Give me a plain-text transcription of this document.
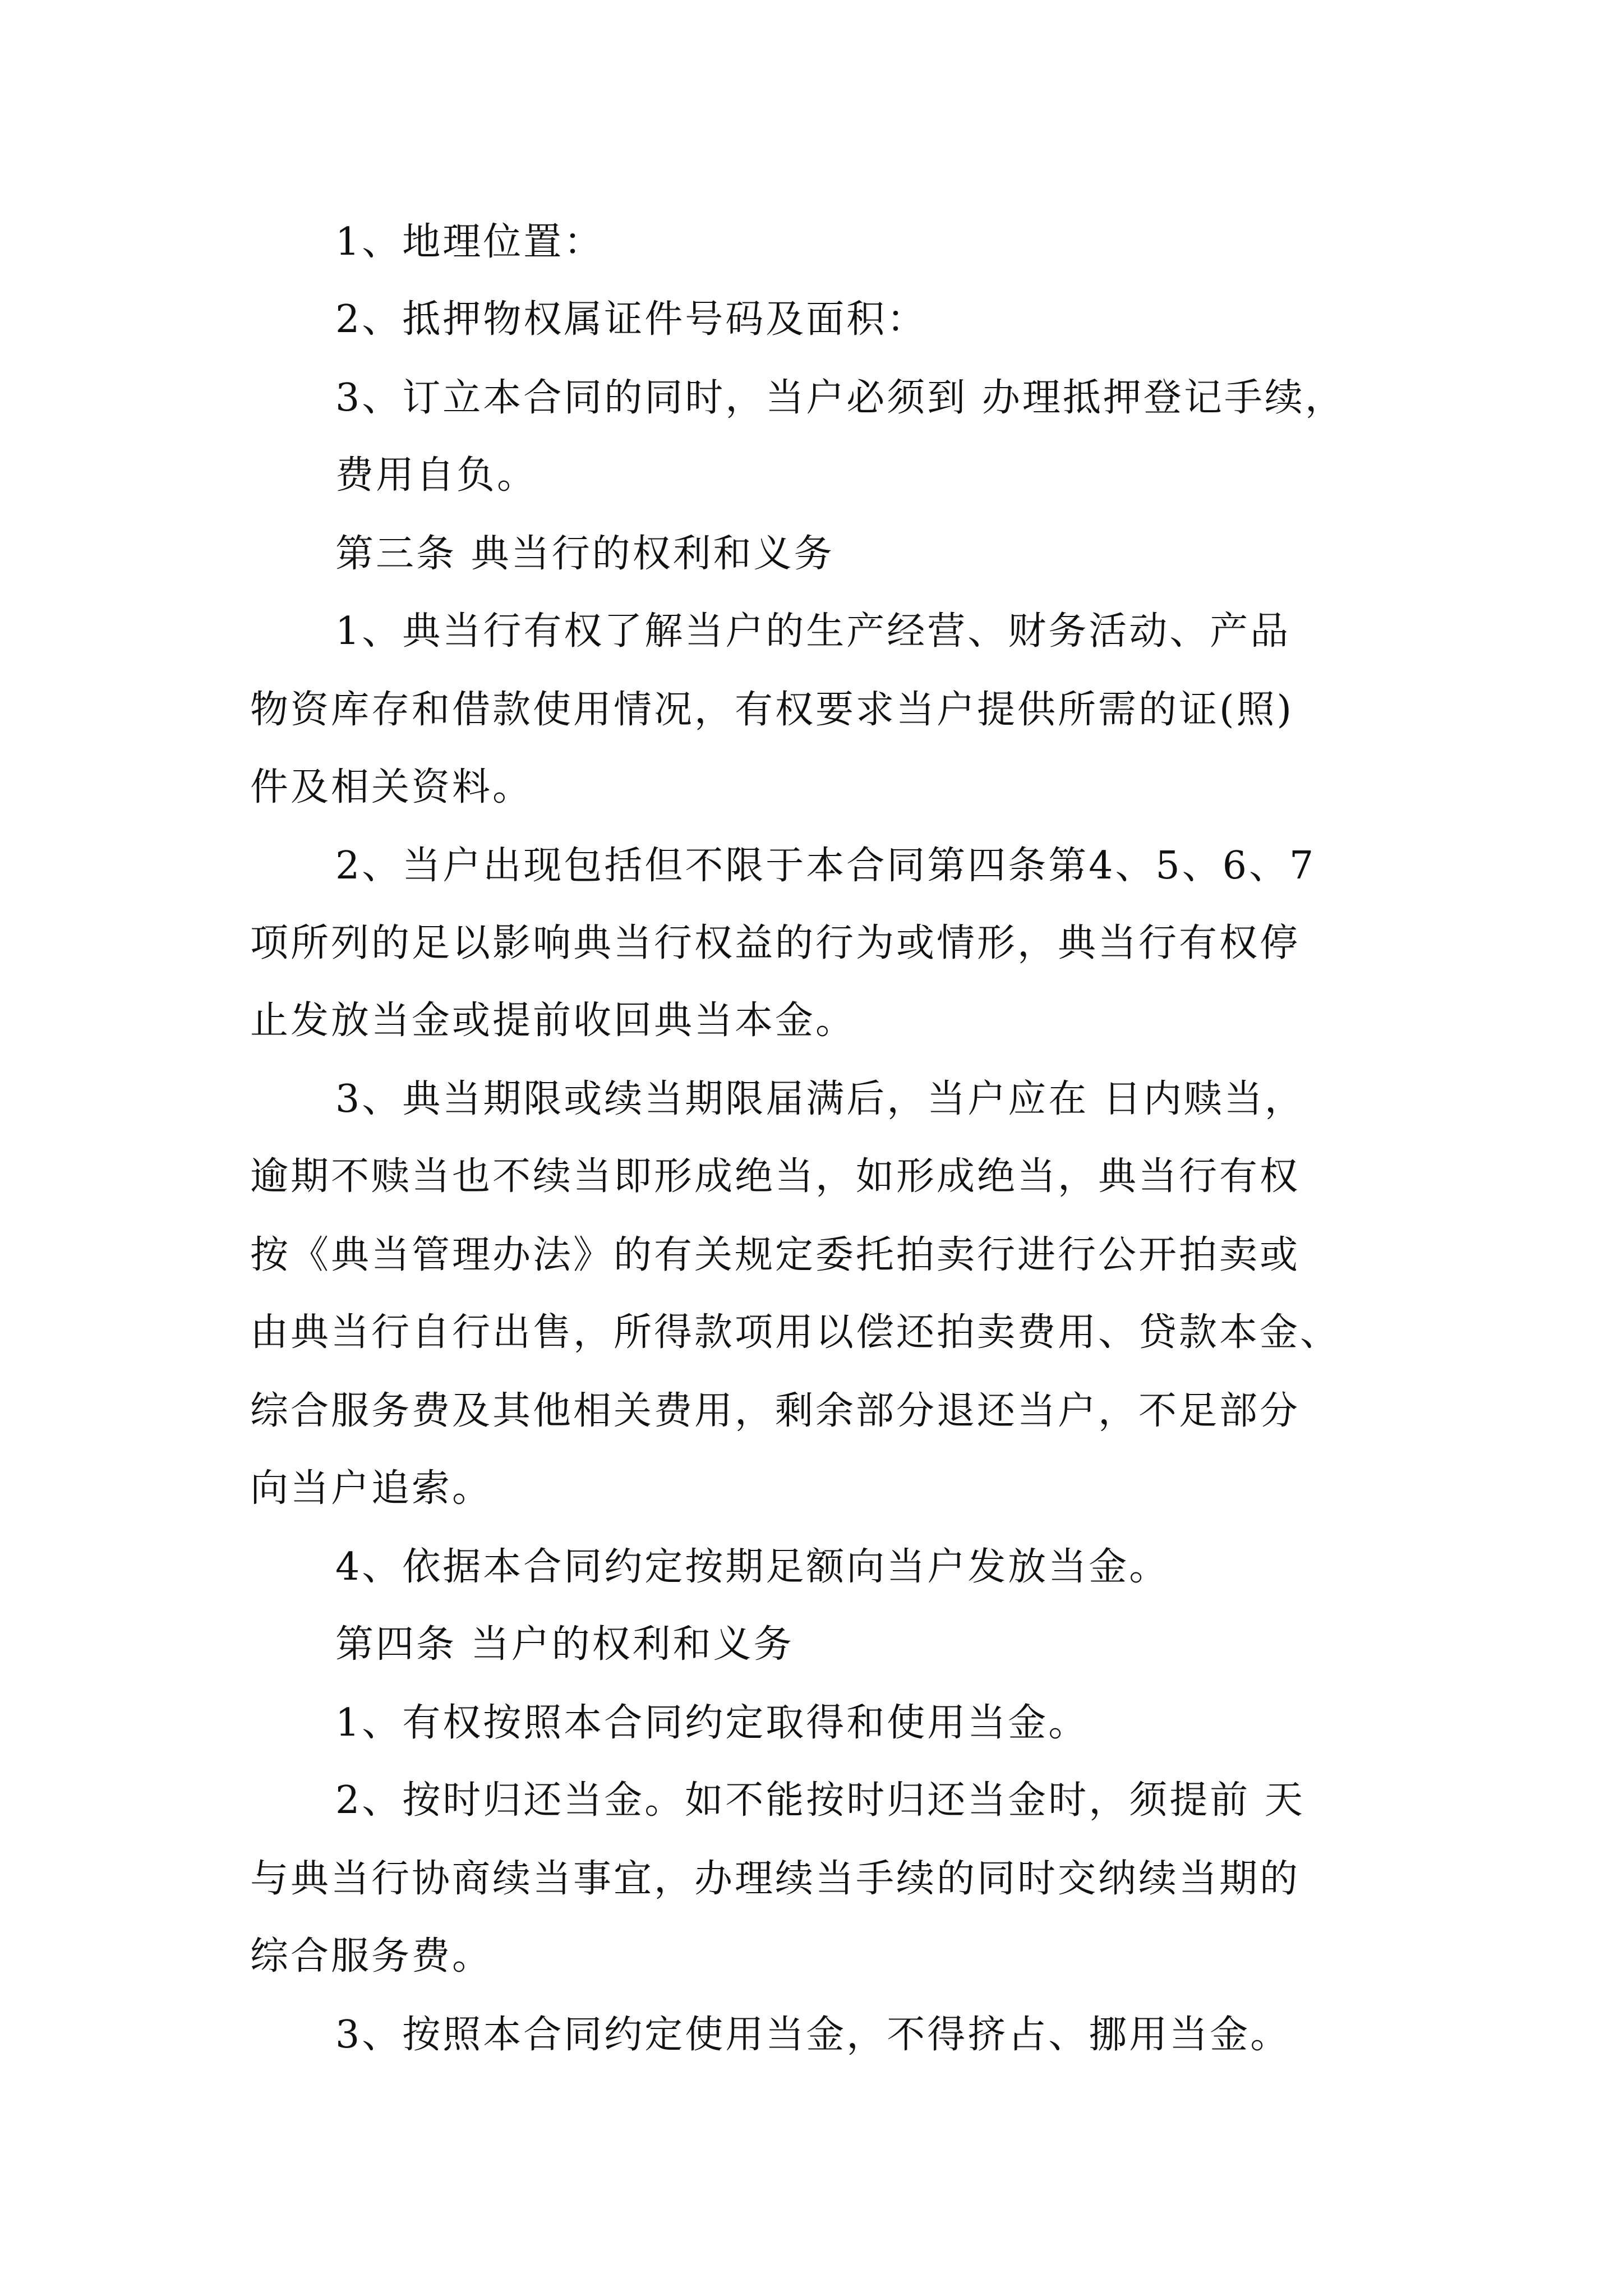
1、地理位置：
2、抵押物权属证件号码及面积：
3、订立本合同的同时，当户必须到 办理抵押登记手续，
费用自负。
第三条 典当行的权利和义务
1、典当行有权了解当户的生产经营、财务活动、产品
物资库存和借款使用情况，有权要求当户提供所需的证(照)
件及相关资料。
2、当户出现包括但不限于本合同第四条第4、5、6、7
项所列的足以影响典当行权益的行为或情形，典当行有权停
止发放当金或提前收回典当本金。
3、典当期限或续当期限届满后，当户应在 日内赎当，
逾期不赎当也不续当即形成绝当，如形成绝当，典当行有权
按《典当管理办法》的有关规定委托拍卖行进行公开拍卖或
由典当行自行出售，所得款项用以偿还拍卖费用、贷款本金、
综合服务费及其他相关费用，剩余部分退还当户，不足部分
向当户追索。
4、依据本合同约定按期足额向当户发放当金。
第四条 当户的权利和义务
1、有权按照本合同约定取得和使用当金。
2、按时归还当金。如不能按时归还当金时，须提前 天
与典当行协商续当事宜，办理续当手续的同时交纳续当期的
综合服务费。
3、按照本合同约定使用当金，不得挤占、挪用当金。
